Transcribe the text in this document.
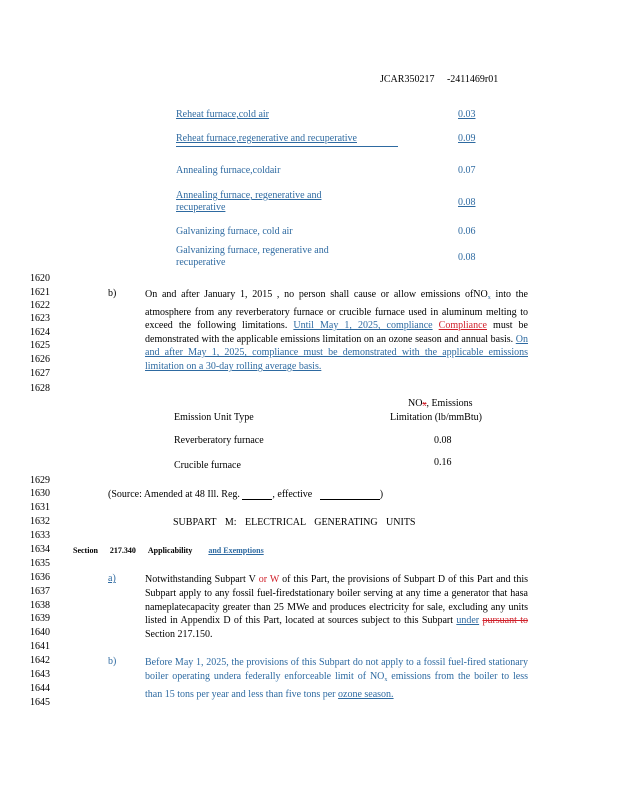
JCAR350217 -2411469r01
Reheat furnace,cold air	0.03
Reheat furnace,regenerative and recuperative	0.09
Annealing furnace,coldair	0.07
Annealing furnace, regenerative and
recuperative	0.08
Galvanizing furnace, cold air	0.06
Galvanizing furnace, regenerative and
recuperative	0.08
1620
1621
1622
1623
1624
1625
1626
1627
1628
1629
1630
1631
1632
1633
1634
1635
1636
1637
1638
1639
1640
1641
1642
1643
1644
1645
b)	On and after January 1, 2015 , no person shall cause or allow emissions ofNO$_x$ into the atmosphere from any reverberatory furnace or crucible furnace used in aluminum melting to exceed the following limitations. Until May 1, 2025, compliance Compliance must be demonstrated with the applicable emissions limitation on an ozone season and annual basis. On and after May 1, 2025, compliance must be demonstrated with the applicable emissions limitation on a 30-day rolling average basis.
NOx, Emissions
Emission Unit Type	Limitation (lb/mmBtu)
Reverberatory furnace	0.08
Crucible furnace	0.16
(Source: Amended at 48 Ill. Reg.	, effective	)
SUBPART M: ELECTRICAL GENERATING UNITS
Section 217.340 Applicability and Exemptions
a)	Notwithstanding Subpart V or W of this Part, the provisions of Subpart D of this Part and this Subpart apply to any fossil fuel-firedstationary boiler serving at any time a generator that hasa nameplatecapacity greater than 25 MWe and produces electricity for sale, excluding any units listed in Appendix D of this Part, located at sources subject to this Subpart under pursuant to Section 217.150.
b)	Before May 1, 2025, the provisions of this Subpart do not apply to a fossil fuel-fired stationary boiler operating undera federally enforceable limit of $NO_x$ emissions from the boiler to less than 15 tons per year and less than five tons per ozone season.
